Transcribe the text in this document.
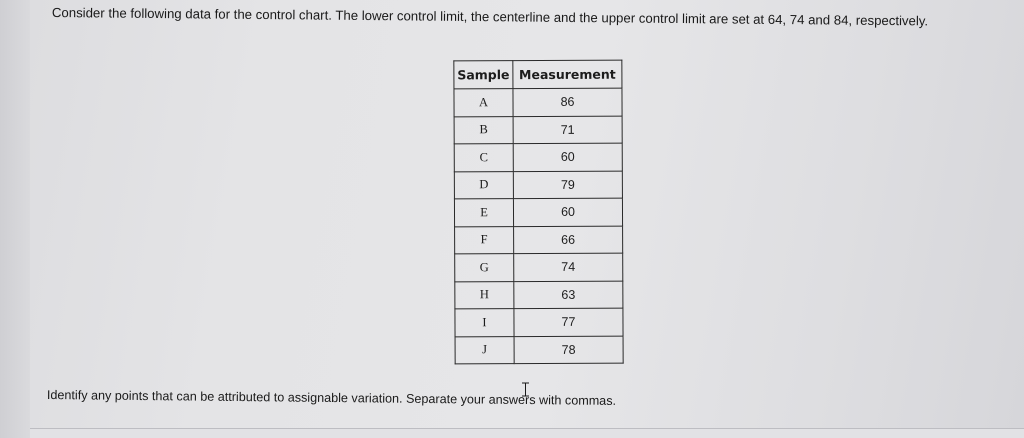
Consider the following data for the control chart. The lower control limit, the centerline and the upper control limit are set at 64, 74 and 84, respectively.
Sample	Measurement
A	86
B	71
C	60
D	79
E	60
F	66
G	74
H	63
I	77
J	78
Identify any points that can be attributed to assignable variation. Separate your answers with commas.
